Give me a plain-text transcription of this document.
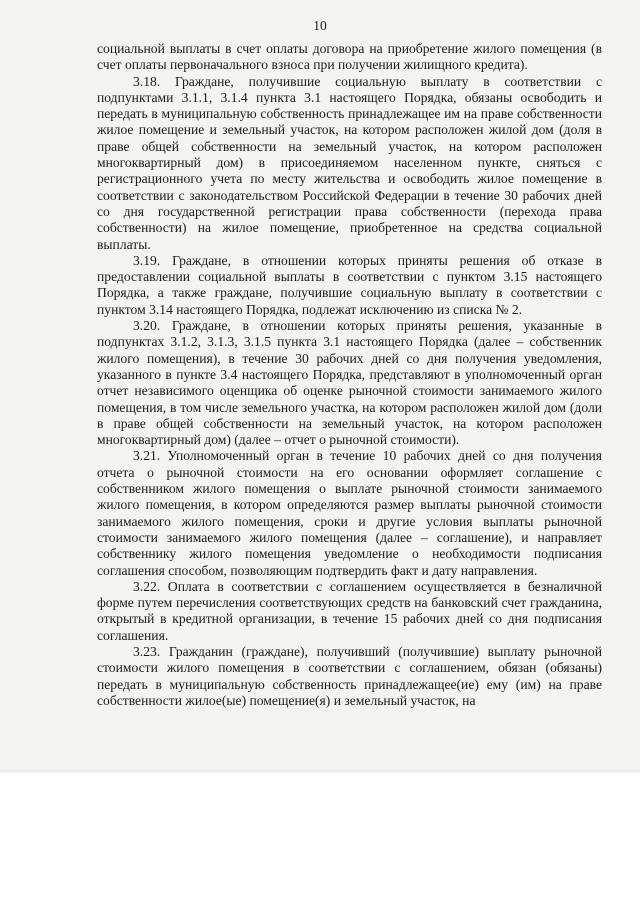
10

социальной выплаты в счет оплаты договора на приобретение жилого помещения (в счет оплаты первоначального взноса при получении жилищного кредита).

3.18. Граждане, получившие социальную выплату в соответствии с подпунктами 3.1.1, 3.1.4 пункта 3.1 настоящего Порядка, обязаны освободить и передать в муниципальную собственность принадлежащее им на праве собственности жилое помещение и земельный участок, на котором расположен жилой дом (доля в праве общей собственности на земельный участок, на котором расположен многоквартирный дом) в присоединяемом населенном пункте, сняться с регистрационного учета по месту жительства и освободить жилое помещение в соответствии с законодательством Российской Федерации в течение 30 рабочих дней со дня государственной регистрации права собственности (перехода права собственности) на жилое помещение, приобретенное на средства социальной выплаты.

3.19. Граждане, в отношении которых приняты решения об отказе в предоставлении социальной выплаты в соответствии с пунктом 3.15 настоящего Порядка, а также граждане, получившие социальную выплату в соответствии с пунктом 3.14 настоящего Порядка, подлежат исключению из списка № 2.

3.20. Граждане, в отношении которых приняты решения, указанные в подпунктах 3.1.2, 3.1.3, 3.1.5 пункта 3.1 настоящего Порядка (далее – собственник жилого помещения), в течение 30 рабочих дней со дня получения уведомления, указанного в пункте 3.4 настоящего Порядка, представляют в уполномоченный орган отчет независимого оценщика об оценке рыночной стоимости занимаемого жилого помещения, в том числе земельного участка, на котором расположен жилой дом (доли в праве общей собственности на земельный участок, на котором расположен многоквартирный дом) (далее – отчет о рыночной стоимости).

3.21. Уполномоченный орган в течение 10 рабочих дней со дня получения отчета о рыночной стоимости на его основании оформляет соглашение с собственником жилого помещения о выплате рыночной стоимости занимаемого жилого помещения, в котором определяются размер выплаты рыночной стоимости занимаемого жилого помещения, сроки и другие условия выплаты рыночной стоимости занимаемого жилого помещения (далее – соглашение), и направляет собственнику жилого помещения уведомление о необходимости подписания соглашения способом, позволяющим подтвердить факт и дату направления.

3.22. Оплата в соответствии с соглашением осуществляется в безналичной форме путем перечисления соответствующих средств на банковский счет гражданина, открытый в кредитной организации, в течение 15 рабочих дней со дня подписания соглашения.

3.23. Гражданин (граждане), получивший (получившие) выплату рыночной стоимости жилого помещения в соответствии с соглашением, обязан (обязаны) передать в муниципальную собственность принадлежащее(ие) ему (им) на праве собственности жилое(ые) помещение(я) и земельный участок, на
